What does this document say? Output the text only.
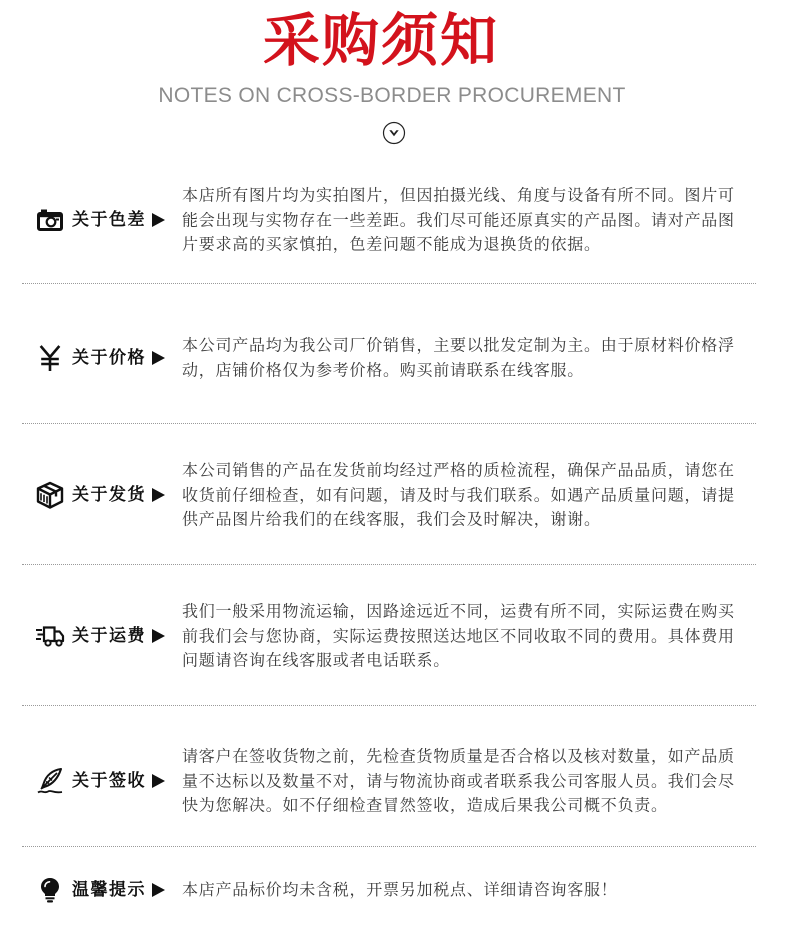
采购须知
NOTES ON CROSS-BORDER PROCUREMENT
关于色差
本店所有图片均为实拍图片，但因拍摄光线、角度与设备有所不同。图片可
能会出现与实物存在一些差距。我们尽可能还原真实的产品图。请对产品图
片要求高的买家慎拍，色差问题不能成为退换货的依据。
关于价格
本公司产品均为我公司厂价销售，主要以批发定制为主。由于原材料价格浮
动，店铺价格仅为参考价格。购买前请联系在线客服。
关于发货
本公司销售的产品在发货前均经过严格的质检流程，确保产品品质，请您在
收货前仔细检查，如有问题，请及时与我们联系。如遇产品质量问题，请提
供产品图片给我们的在线客服，我们会及时解决，谢谢。
关于运费
我们一般采用物流运输，因路途远近不同，运费有所不同，实际运费在购买
前我们会与您协商，实际运费按照送达地区不同收取不同的费用。具体费用
问题请咨询在线客服或者电话联系。
关于签收
请客户在签收货物之前，先检查货物质量是否合格以及核对数量，如产品质
量不达标以及数量不对，请与物流协商或者联系我公司客服人员。我们会尽
快为您解决。如不仔细检查冒然签收，造成后果我公司概不负责。
温馨提示 本店产品标价均未含税，开票另加税点、详细请咨询客服！
